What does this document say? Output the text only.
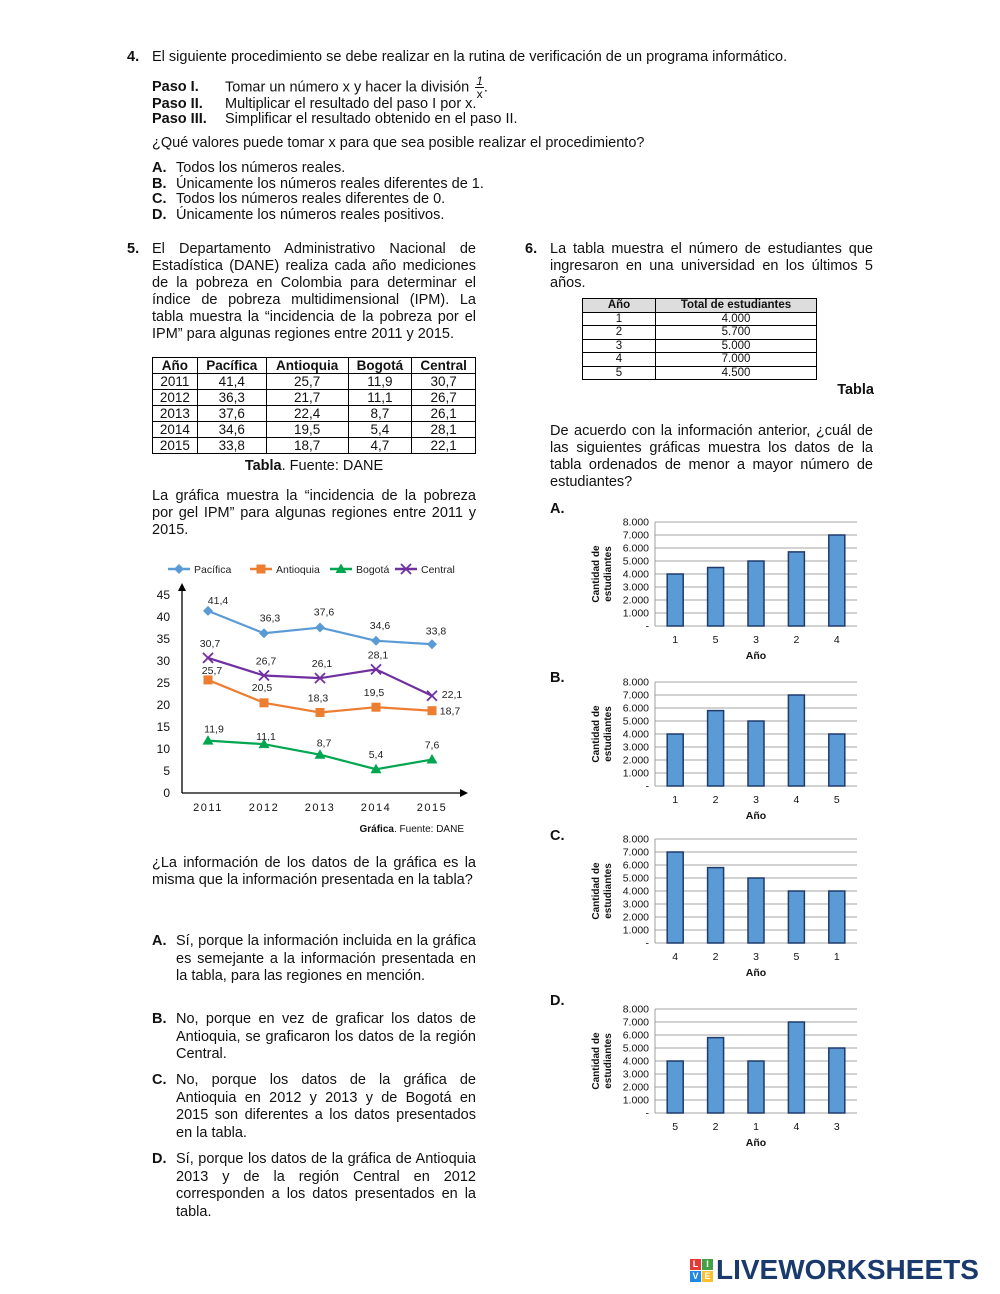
4. El siguiente procedimiento se debe realizar en la rutina de verificación de un programa informático.
Paso I. Tomar un número x y hacer la división $\frac{1}{x}$ .
Paso II. Multiplicar el resultado del paso I por x.
Paso III. Simplificar el resultado obtenido en el paso II.
¿Qué valores puede tomar x para que sea posible realizar el procedimiento?
A. Todos los números reales.
B. Únicamente los números reales diferentes de 1.
C. Todos los números reales diferentes de 0.
D. Únicamente los números reales positivos.
5. El Departamento Administrativo Nacional de Estadística (DANE) realiza cada año mediciones de la pobreza en Colombia para determinar el índice de pobreza multidimensional (IPM). La tabla muestra la “incidencia de la pobreza por el IPM” para algunas regiones entre 2011 y 2015.
Año	Pacífica	Antioquia	Bogotá	Central
2011	41,4	25,7	11,9	30,7
2012	36,3	21,7	11,1	26,7
2013	37,6	22,4	8,7	26,1
2014	34,6	19,5	5,4	28,1
2015	33,8	18,7	4,7	22,1
Tabla. Fuente: DANE
La gráfica muestra la “incidencia de la pobreza por gel IPM” para algunas regiones entre 2011 y 2015.
Pacífica	Antioquia	Bogotá	Central
0
5
10
15
20
25
30
35
40
45
2011 2012 2013 2014 2015
41,4
36,3	37,6
34,6	33,8
25,7
20,5
18,3	19,5
18,7
11,9
11,1
8,7
5,4
7,6
30,7
26,7	26,1
28,1
22,1
Gráfica. Fuente: DANE
¿La información de los datos de la gráfica es la misma que la información presentada en la tabla?
A. Sí, porque la información incluida en la gráfica es semejante a la información presentada en la tabla, para las regiones en mención.
B. No, porque en vez de graficar los datos de Antioquia, se graficaron los datos de la región Central.
C. No, porque los datos de la gráfica de Antioquia en 2012 y 2013 y de Bogotá en 2015 son diferentes a los datos presentados en la tabla.
D. Sí, porque los datos de la gráfica de Antioquia 2013 y de la región Central en 2012 corresponden a los datos presentados en la tabla.
6. La tabla muestra el número de estudiantes que ingresaron en una universidad en los últimos 5 años.
Año	Total de estudiantes
1	4.000
2	5.700
3	5.000
4	7.000
5	4.500
Tabla
De acuerdo con la información anterior, ¿cuál de las siguientes gráficas muestra los datos de la tabla ordenados de menor a mayor número de estudiantes?
A.
-
1.000
2.000
3.000
4.000
5.000
6.000
7.000
8.000
1	5	3	2	4
Año
Cantidad de estudiantes
B.
-
1.000
2.000
3.000
4.000
5.000
6.000
7.000
8.000
1	2	3	4	5
Año
Cantidad de estudiantes
C.
-
1.000
2.000
3.000
4.000
5.000
6.000
7.000
8.000
4	2	3	5	1
Año
Cantidad de estudiantes
D.
-
1.000
2.000
3.000
4.000
5.000
6.000
7.000
8.000
5	2	1	4	3
Año
Cantidad de estudiantes
L I
V E LIVEWORKSHEETS
